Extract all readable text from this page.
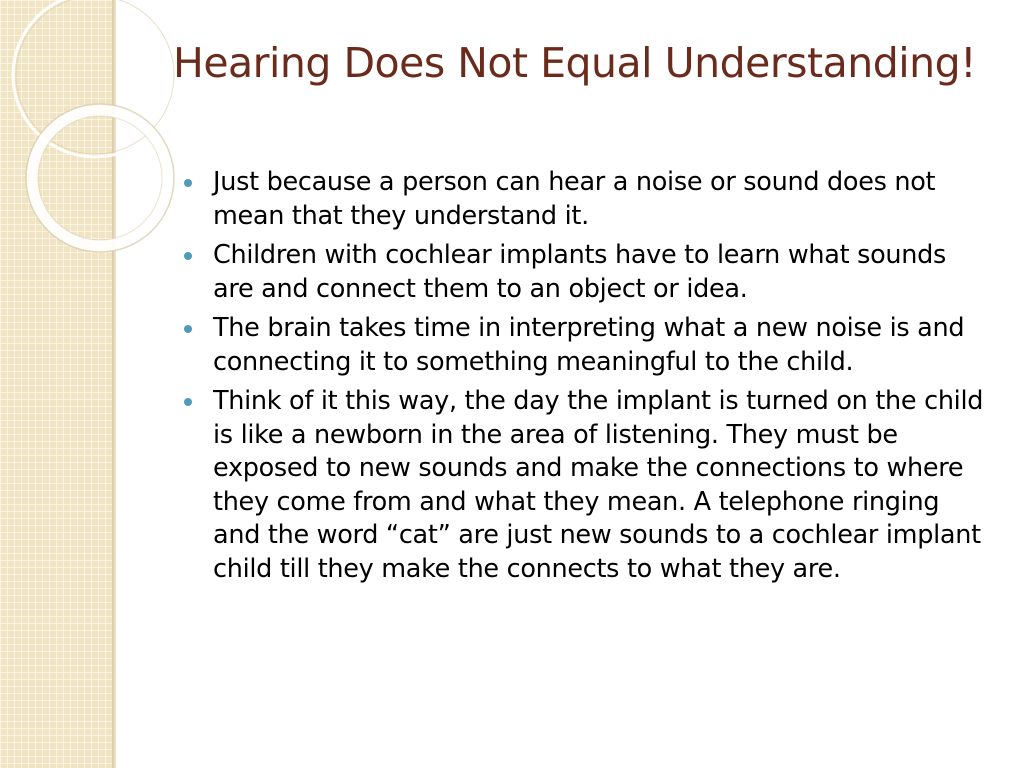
Hearing Does Not Equal Understanding!
Just because a person can hear a noise or sound does not mean that they understand it.
Children with cochlear implants have to learn what sounds are and connect them to an object or idea.
The brain takes time in interpreting what a new noise is and connecting it to something meaningful to the child.
Think of it this way, the day the implant is turned on the child is like a newborn in the area of listening. They must be exposed to new sounds and make the connections to where they come from and what they mean. A telephone ringing and the word “cat” are just new sounds to a cochlear implant child till they make the connects to what they are.
